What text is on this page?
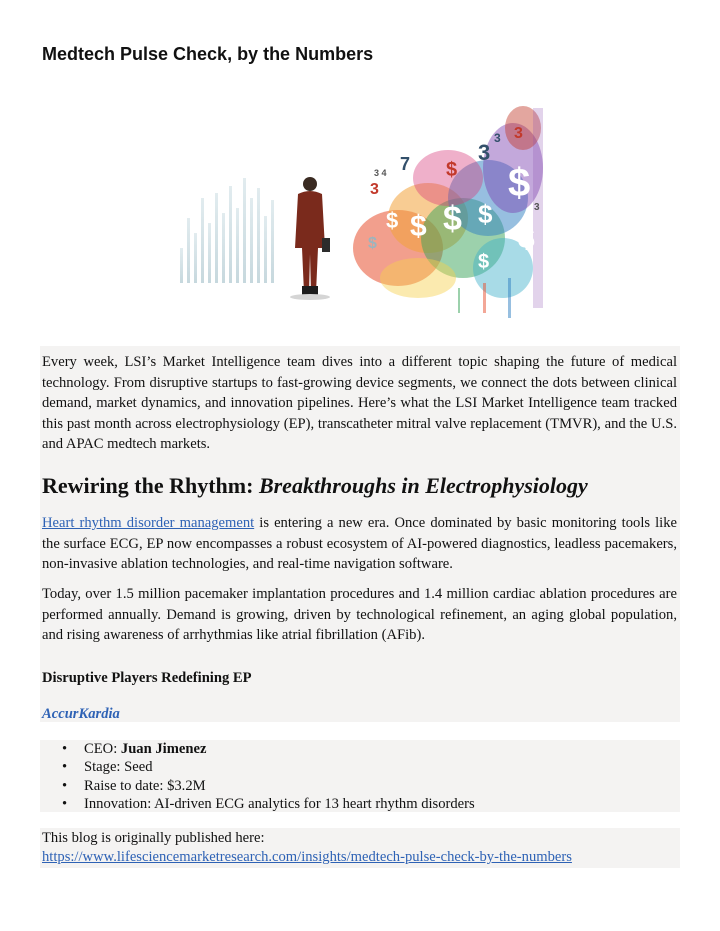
Medtech Pulse Check, by the Numbers
$ $
$
$
$
$
$
$
7
3 4	$
3
3
3
3
3

Every week, LSI’s Market Intelligence team dives into a different topic shaping the future of medical technology. From disruptive startups to fast-growing device segments, we connect the dots between clinical demand, market dynamics, and innovation pipelines. Here’s what the LSI Market Intelligence team tracked this past month across electrophysiology (EP), transcatheter mitral valve replacement (TMVR), and the U.S. and APAC medtech markets.

Rewiring the Rhythm: Breakthroughs in Electrophysiology

Heart rhythm disorder management is entering a new era. Once dominated by basic monitoring tools like the surface ECG, EP now encompasses a robust ecosystem of AI-powered diagnostics, leadless pacemakers, non-invasive ablation technologies, and real-time navigation software.

Today, over 1.5 million pacemaker implantation procedures and 1.4 million cardiac ablation procedures are performed annually. Demand is growing, driven by technological refinement, an aging global population, and rising awareness of arrhythmias like atrial fibrillation (AFib).

Disruptive Players Redefining EP

AccurKardia

• CEO: Juan Jimenez
• Stage: Seed
• Raise to date: $3.2M
• Innovation: AI-driven ECG analytics for 13 heart rhythm disorders
This blog is originally published here:
https://www.lifesciencemarketresearch.com/insights/medtech-pulse-check-by-the-numbers
